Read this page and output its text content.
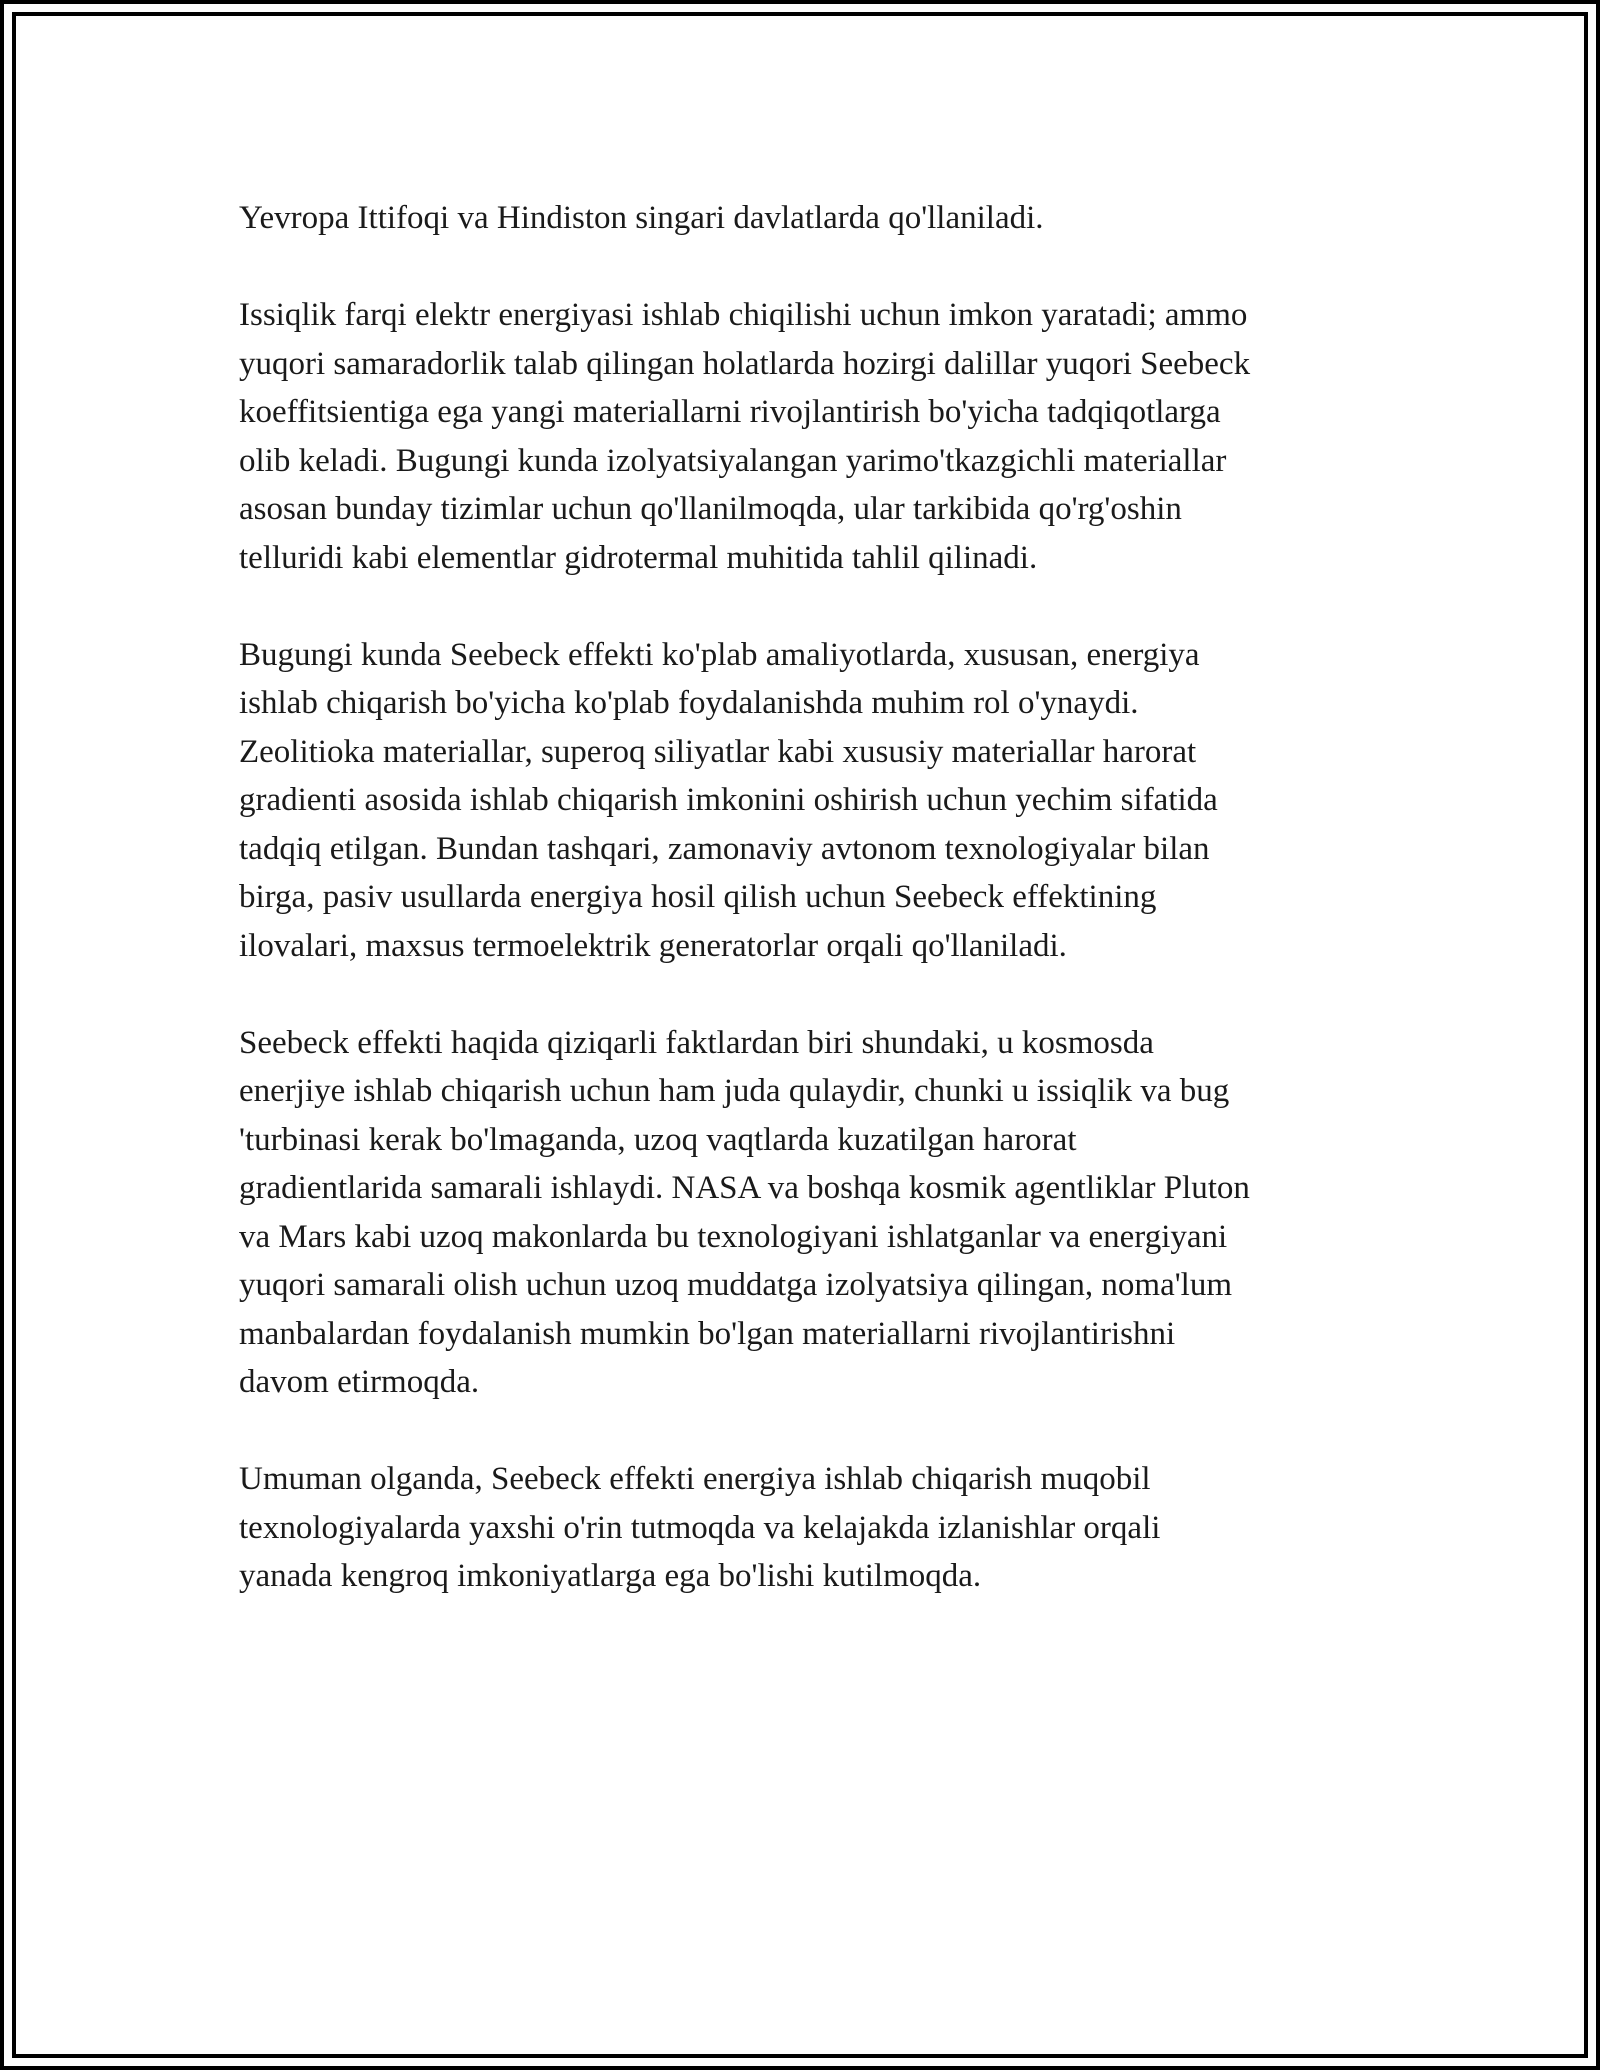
Yevropa Ittifoqi va Hindiston singari davlatlarda qo'llaniladi.

Issiqlik farqi elektr energiyasi ishlab chiqilishi uchun imkon yaratadi; ammo
yuqori samaradorlik talab qilingan holatlarda hozirgi dalillar yuqori Seebeck
koeffitsientiga ega yangi materiallarni rivojlantirish bo'yicha tadqiqotlarga
olib keladi. Bugungi kunda izolyatsiyalangan yarimo'tkazgichli materiallar
asosan bunday tizimlar uchun qo'llanilmoqda, ular tarkibida qo'rg'oshin
telluridi kabi elementlar gidrotermal muhitida tahlil qilinadi.

Bugungi kunda Seebeck effekti ko'plab amaliyotlarda, xususan, energiya
ishlab chiqarish bo'yicha ko'plab foydalanishda muhim rol o'ynaydi.
Zeolitioka materiallar, superoq siliyatlar kabi xususiy materiallar harorat
gradienti asosida ishlab chiqarish imkonini oshirish uchun yechim sifatida
tadqiq etilgan. Bundan tashqari, zamonaviy avtonom texnologiyalar bilan
birga, pasiv usullarda energiya hosil qilish uchun Seebeck effektining
ilovalari, maxsus termoelektrik generatorlar orqali qo'llaniladi.

Seebeck effekti haqida qiziqarli faktlardan biri shundaki, u kosmosda
enerjiye ishlab chiqarish uchun ham juda qulaydir, chunki u issiqlik va bug
'turbinasi kerak bo'lmaganda, uzoq vaqtlarda kuzatilgan harorat
gradientlarida samarali ishlaydi. NASA va boshqa kosmik agentliklar Pluton
va Mars kabi uzoq makonlarda bu texnologiyani ishlatganlar va energiyani
yuqori samarali olish uchun uzoq muddatga izolyatsiya qilingan, noma'lum
manbalardan foydalanish mumkin bo'lgan materiallarni rivojlantirishni
davom etirmoqda.

Umuman olganda, Seebeck effekti energiya ishlab chiqarish muqobil
texnologiyalarda yaxshi o'rin tutmoqda va kelajakda izlanishlar orqali
yanada kengroq imkoniyatlarga ega bo'lishi kutilmoqda.
